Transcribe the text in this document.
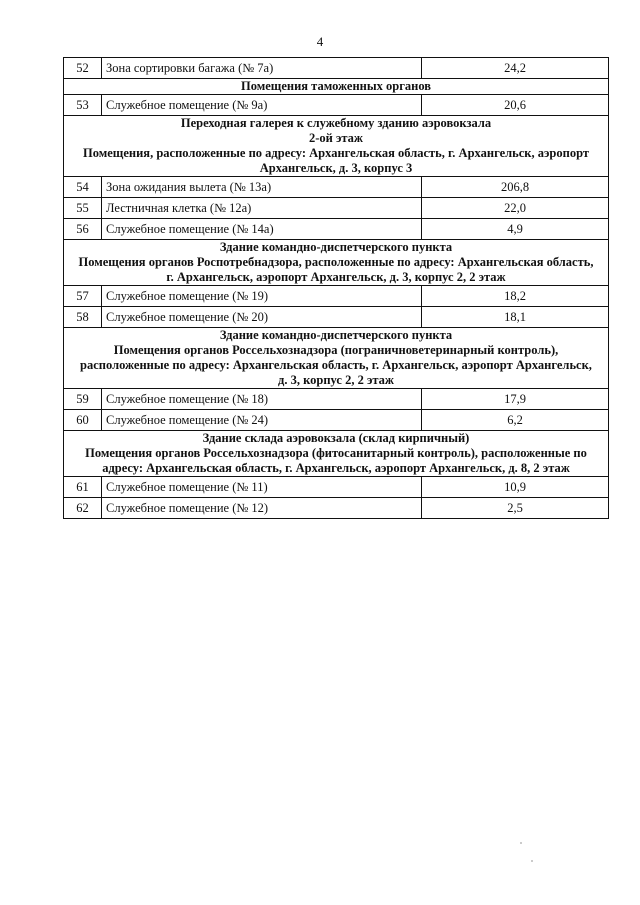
4
52	Зона сортировки багажа (№ 7а)	24,2

Помещения таможенных органов		

53	Служебное помещение (№ 9а)	20,6

Переходная галерея к служебному зданию аэровокзала
2-ой этаж
Помещения, расположенные по адресу: Архангельская область, г. Архангельск, аэропорт
Архангельск, д. 3, корпус 3		

54	Зона ожидания вылета (№ 13а)	206,8
55	Лестничная клетка (№ 12а)	22,0
56	Служебное помещение (№ 14а)	4,9

Здание командно-диспетчерского пункта
Помещения органов Роспотребнадзора, расположенные по адресу: Архангельская область,
г. Архангельск, аэропорт Архангельск, д. 3, корпус 2, 2 этаж		

57	Служебное помещение (№ 19)	18,2
58	Служебное помещение (№ 20)	18,1

Здание командно-диспетчерского пункта
Помещения органов Россельхознадзора (пограничноветеринарный контроль),
расположенные по адресу: Архангельская область, г. Архангельск, аэропорт Архангельск,
д. 3, корпус 2, 2 этаж		

59	Служебное помещение (№ 18)	17,9
60	Служебное помещение (№ 24)	6,2

Здание склада аэровокзала (склад кирпичный)
Помещения органов Россельхознадзора (фитосанитарный контроль), расположенные по
адресу: Архангельская область, г. Архангельск, аэропорт Архангельск, д. 8, 2 этаж		

61	Служебное помещение (№ 11)	10,9
62	Служебное помещение (№ 12)	2,5
